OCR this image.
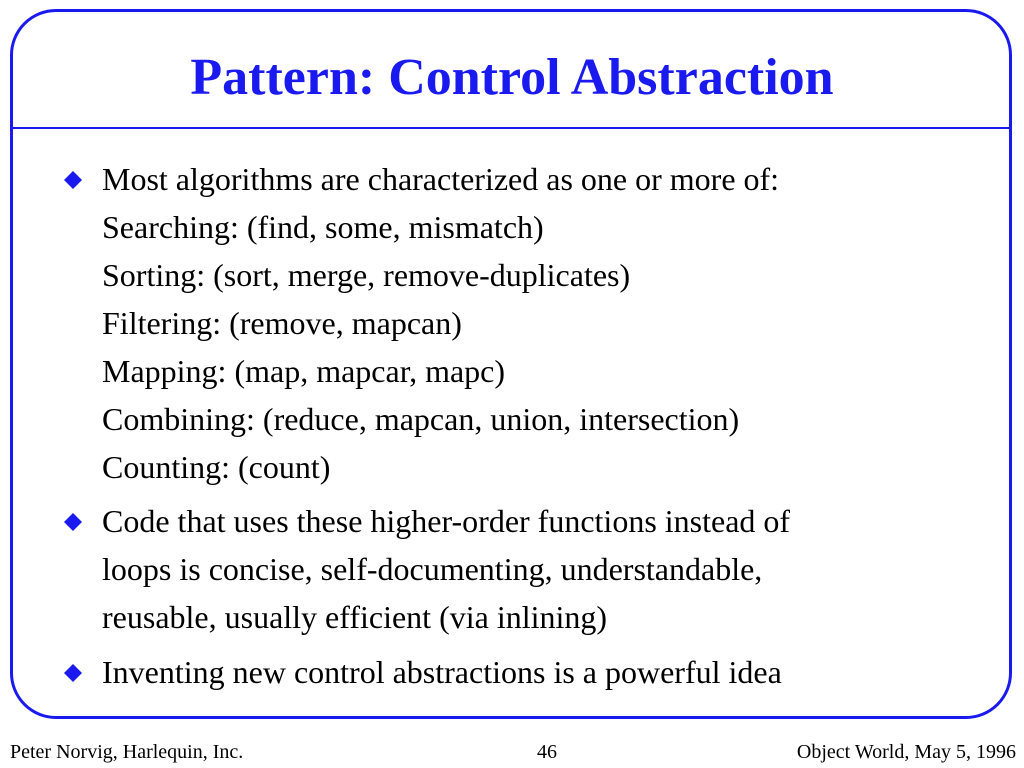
Pattern: Control Abstraction
Most algorithms are characterized as one or more of:
Searching: (find, some, mismatch)
Sorting: (sort, merge, remove-duplicates)
Filtering: (remove, mapcan)
Mapping: (map, mapcar, mapc)
Combining: (reduce, mapcan, union, intersection)
Counting: (count)
Code that uses these higher-order functions instead of
loops is concise, self-documenting, understandable,
reusable, usually efficient (via inlining)
Inventing new control abstractions is a powerful idea
Peter Norvig, Harlequin, Inc.	46	Object World, May 5, 1996
